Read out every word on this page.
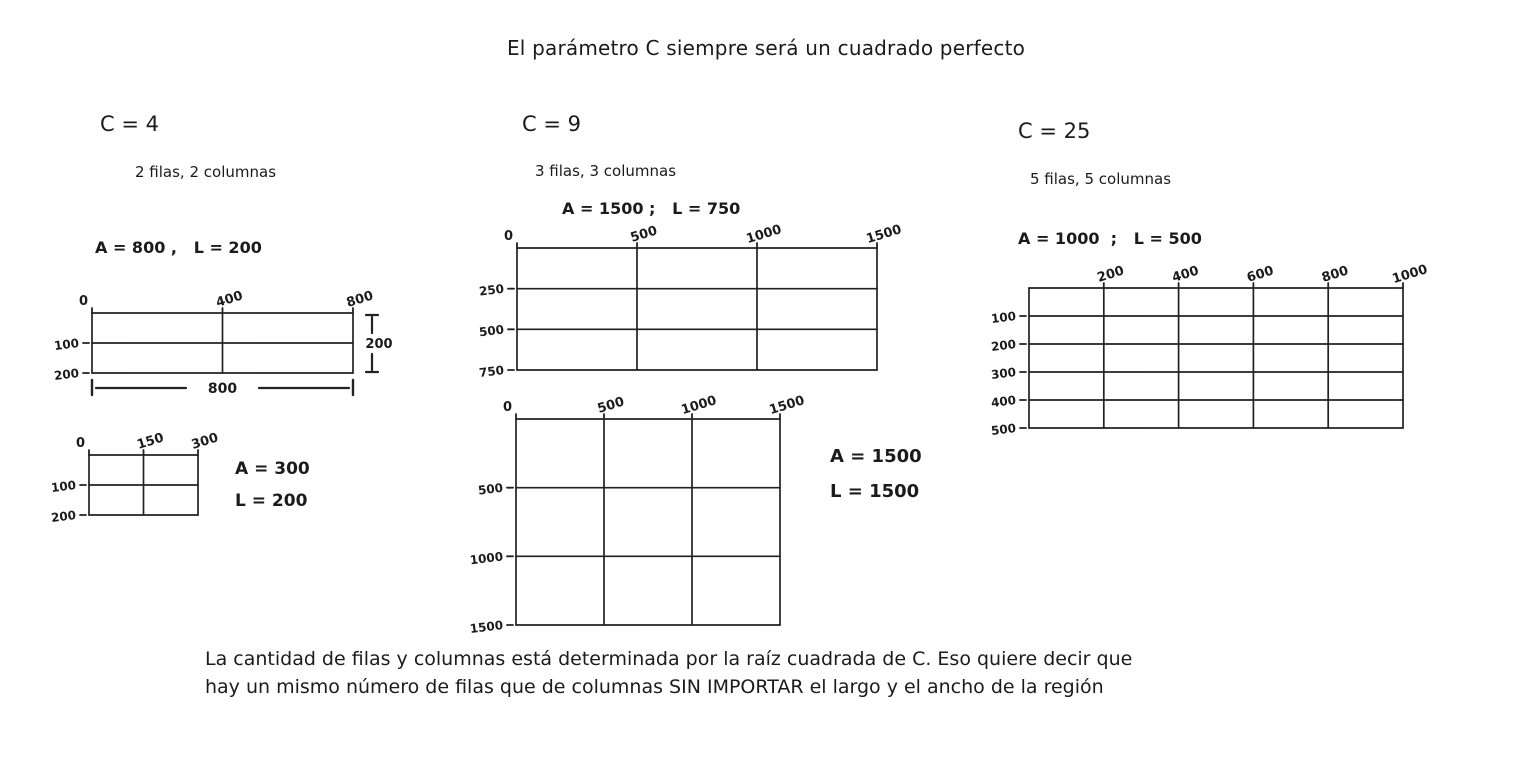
El parámetro C siempre será un cuadrado perfecto
C = 4
2 filas, 2 columnas
A = 800 ,   L = 200
C = 9
3 filas, 3 columnas
A = 1500 ;   L = 750
C = 25
5 filas, 5 columnas
A = 1000  ;   L = 500
0	400	800
100
200
800
200
0	150 300
100
200
A = 300
L = 200
0	500	1000	1500
250
500
750
0	500	1000	1500
500
1000
1500
A = 1500
L = 1500
200	400	600	800	1000
100
200
300
400
500
La cantidad de filas y columnas está determinada por la raíz cuadrada de C. Eso quiere decir que
hay un mismo número de filas que de columnas SIN IMPORTAR el largo y el ancho de la región
